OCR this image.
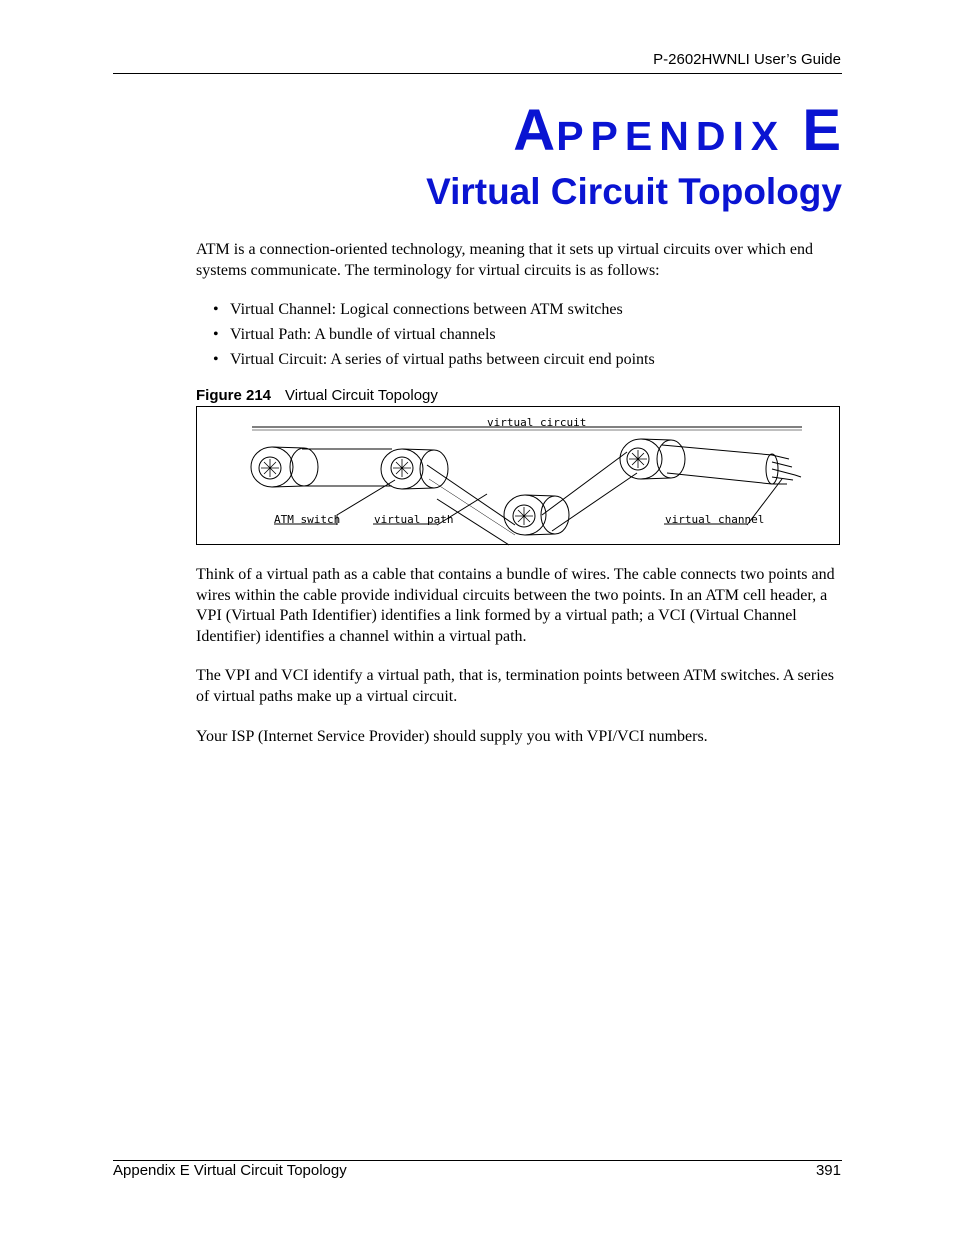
P-2602HWNLI User’s Guide
APPENDIX E
Virtual Circuit Topology
ATM is a connection-oriented technology, meaning that it sets up virtual circuits over which end systems communicate. The terminology for virtual circuits is as follows:
• Virtual Channel: Logical connections between ATM switches
• Virtual Path: A bundle of virtual channels
• Virtual Circuit: A series of virtual paths between circuit end points
Figure 214 Virtual Circuit Topology
virtual circuit
ATM switch	virtual path	virtual channel
Think of a virtual path as a cable that contains a bundle of wires. The cable connects two points and wires within the cable provide individual circuits between the two points. In an ATM cell header, a VPI (Virtual Path Identifier) identifies a link formed by a virtual path; a VCI (Virtual Channel Identifier) identifies a channel within a virtual path.
The VPI and VCI identify a virtual path, that is, termination points between ATM switches. A series of virtual paths make up a virtual circuit.
Your ISP (Internet Service Provider) should supply you with VPI/VCI numbers.
Appendix E Virtual Circuit Topology	391
